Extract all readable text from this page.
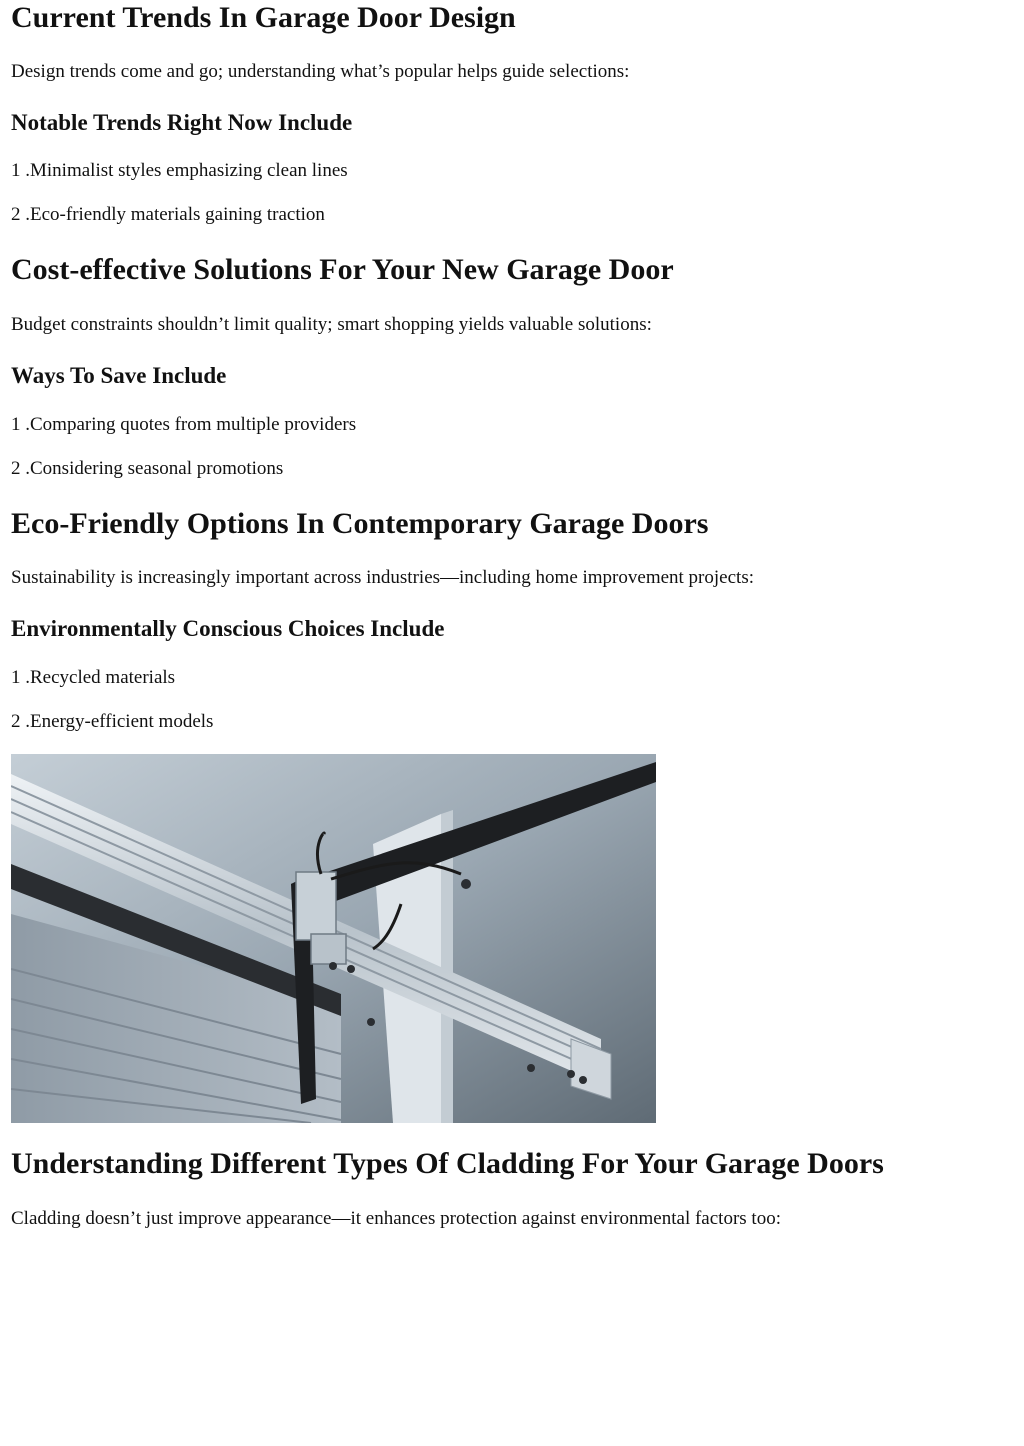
Current Trends In Garage Door Design

Design trends come and go; understanding what’s popular helps guide selections:

Notable Trends Right Now Include

1 .Minimalist styles emphasizing clean lines

2 .Eco-friendly materials gaining traction

Cost-effective Solutions For Your New Garage Door

Budget constraints shouldn’t limit quality; smart shopping yields valuable solutions:

Ways To Save Include

1 .Comparing quotes from multiple providers

2 .Considering seasonal promotions

Eco-Friendly Options In Contemporary Garage Doors

Sustainability is increasingly important across industries—including home improvement projects:

Environmentally Conscious Choices Include

1 .Recycled materials

2 .Energy-efficient models

Understanding Different Types Of Cladding For Your Garage Doors

Cladding doesn’t just improve appearance—it enhances protection against environmental factors too:
